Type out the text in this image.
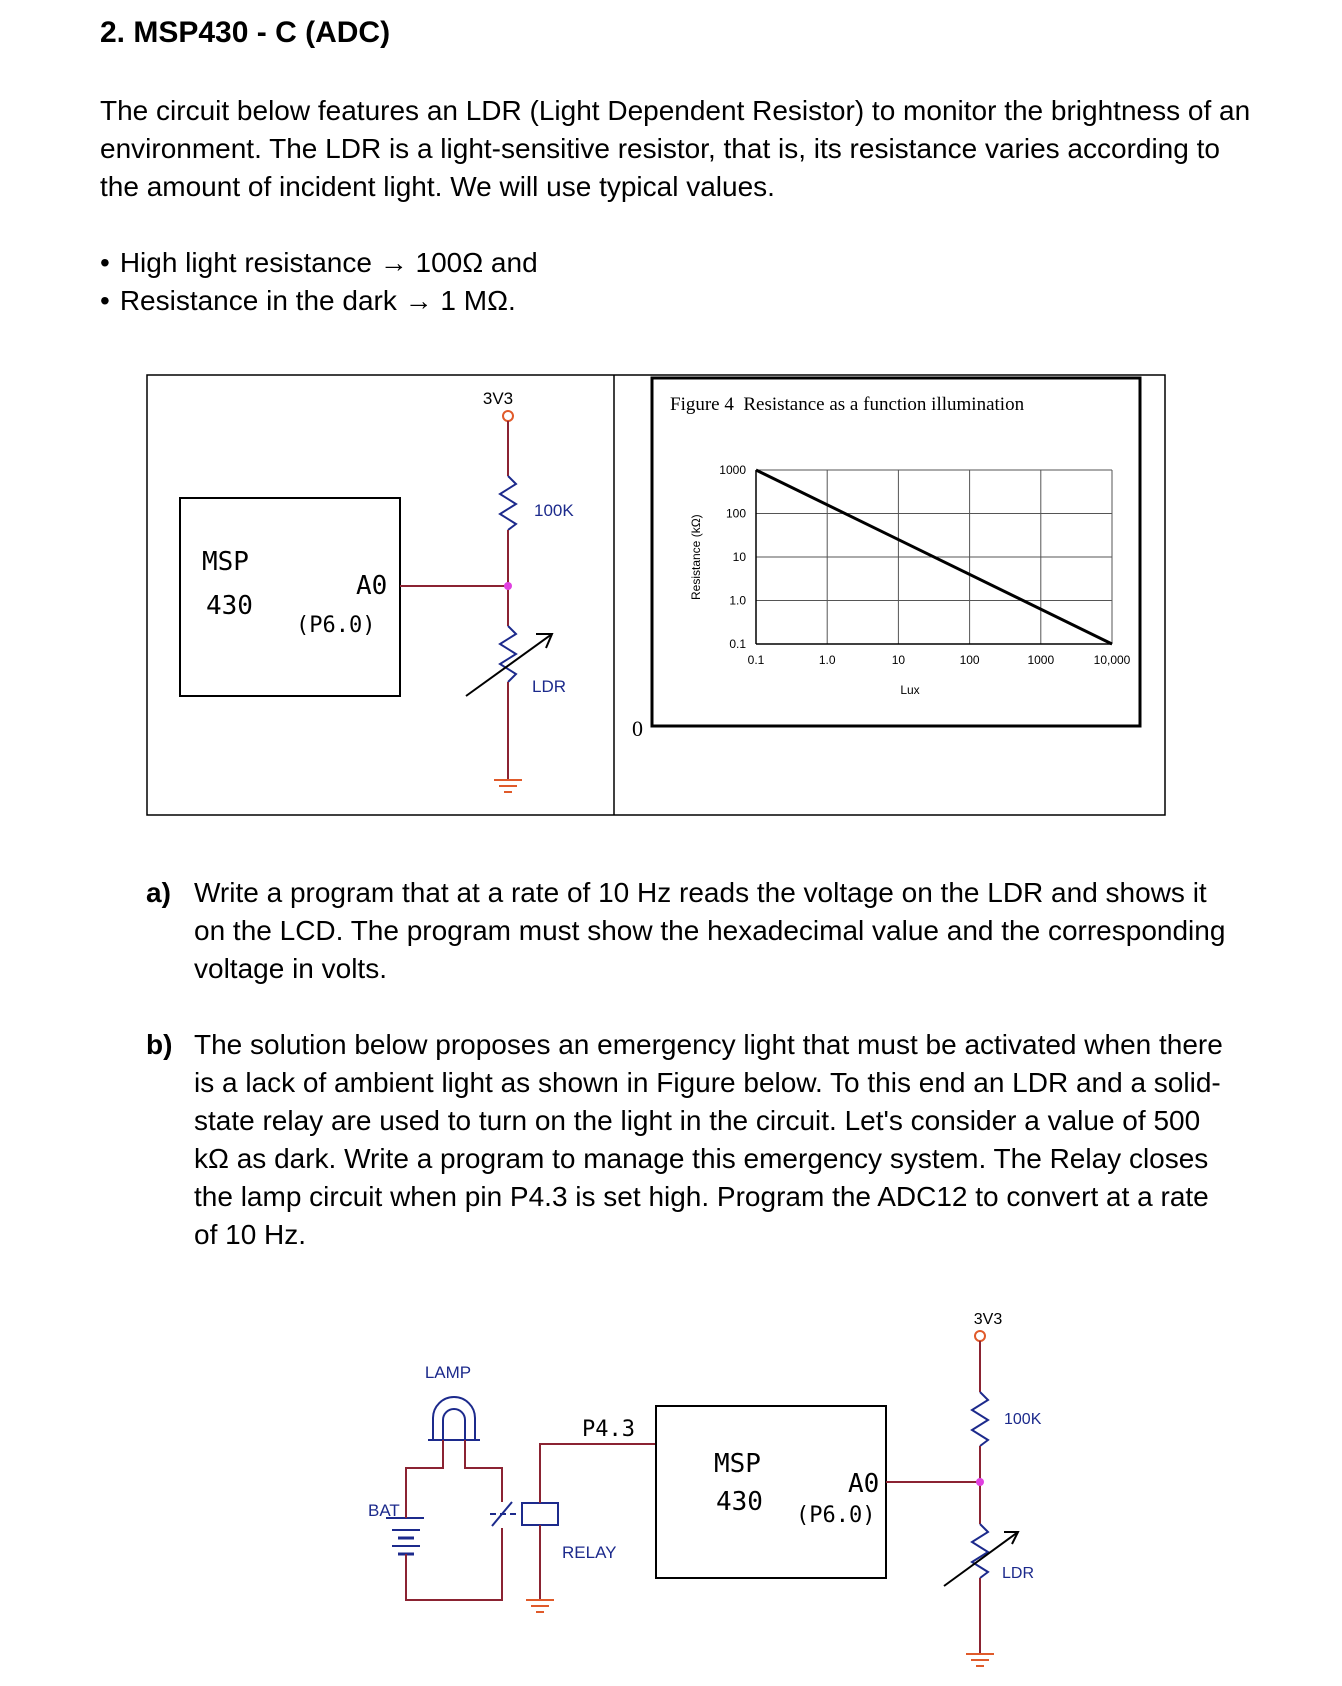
2. MSP430 - C (ADC)

The circuit below features an LDR (Light Dependent Resistor) to monitor the brightness of an environment. The LDR is a light-sensitive resistor, that is, its resistance varies according to the amount of incident light. We will use typical values.

• High light resistance → 100Ω and
• Resistance in the dark → 1 MΩ.
MSP
430
A0
(P6.0)
3V3
100K
LDR
0
Figure 4  Resistance as a function illumination
Resistance (kΩ)
Lux
1000
100
10
1.0
0.1
0.1	1.0	10	100	1000	10,000
LAMP
BAT
RELAY
P4.3
MSP
430
A0
(P6.0)
3V3
100K
LDR
a) Write a program that at a rate of 10 Hz reads the voltage on the LDR and shows it on the LCD. The program must show the hexadecimal value and the corresponding voltage in volts.
b) The solution below proposes an emergency light that must be activated when there is a lack of ambient light as shown in Figure below. To this end an LDR and a solid-state relay are used to turn on the light in the circuit. Let's consider a value of 500 kΩ as dark. Write a program to manage this emergency system. The Relay closes the lamp circuit when pin P4.3 is set high. Program the ADC12 to convert at a rate of 10 Hz.
